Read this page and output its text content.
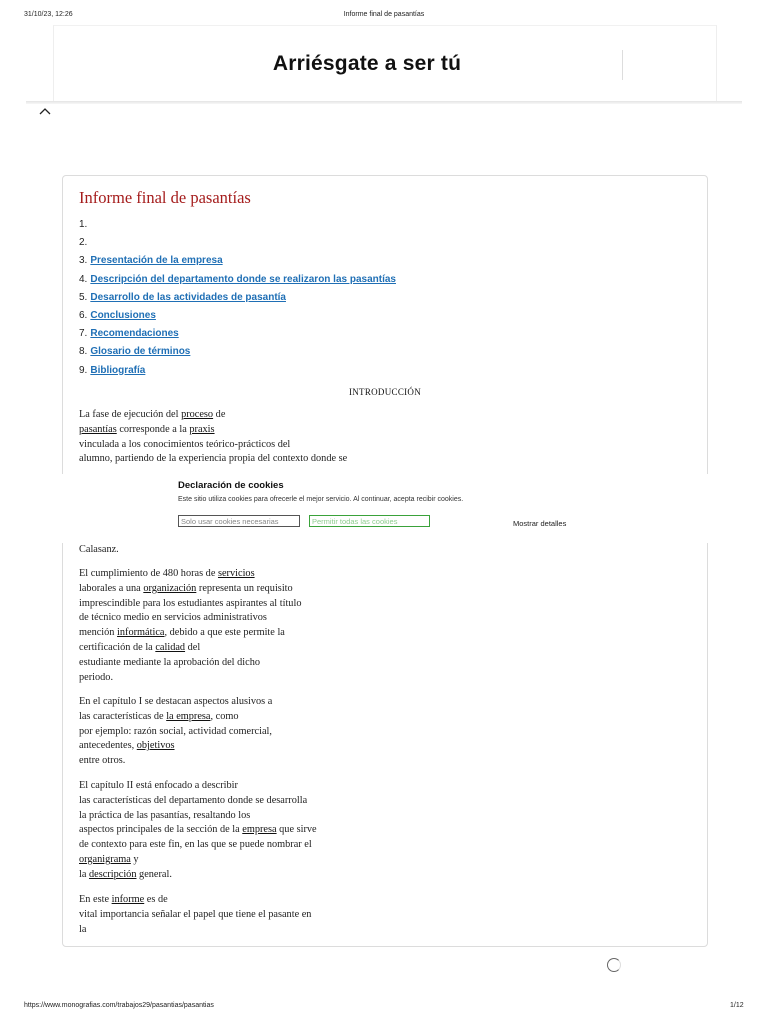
31/10/23, 12:26	Informe final de pasantías
Arriésgate a ser tú
Informe final de pasantías
1.
2.
3. Presentación de la empresa
4. Descripción del departamento donde se realizaron las pasantías
5. Desarrollo de las actividades de pasantía
6. Conclusiones
7. Recomendaciones
8. Glosario de términos
9. Bibliografía
INTRODUCCIÓN

La fase de ejecución del proceso de
pasantías corresponde a la praxis
vinculada a los conocimientos teórico-prácticos del
alumno, partiendo de la experiencia propia del contexto donde se

Calasanz.

El cumplimiento de 480 horas de servicios
laborales a una organización representa un requisito
imprescindible para los estudiantes aspirantes al título
de técnico medio en servicios administrativos
mención informática, debido a que este permite la
certificación de la calidad del
estudiante mediante la aprobación del dicho
periodo.

En el capítulo I se destacan aspectos alusivos a
las características de la empresa, como
por ejemplo: razón social, actividad comercial,
antecedentes, objetivos
entre otros.

El capítulo II está enfocado a describir
las características del departamento donde se desarrolla
la práctica de las pasantías, resaltando los
aspectos principales de la sección de la empresa que sirve
de contexto para este fin, en las que se puede nombrar el
organigrama y
la descripción general.

En este informe es de
vital importancia señalar el papel que tiene el pasante en
la

Declaración de cookies
Este sitio utiliza cookies para ofrecerle el mejor servicio. Al continuar, acepta recibir cookies.
Solo usar cookies necesarias	Permitir todas las cookies	Mostrar detalles
https://www.monografias.com/trabajos29/pasantias/pasantias	1/12
